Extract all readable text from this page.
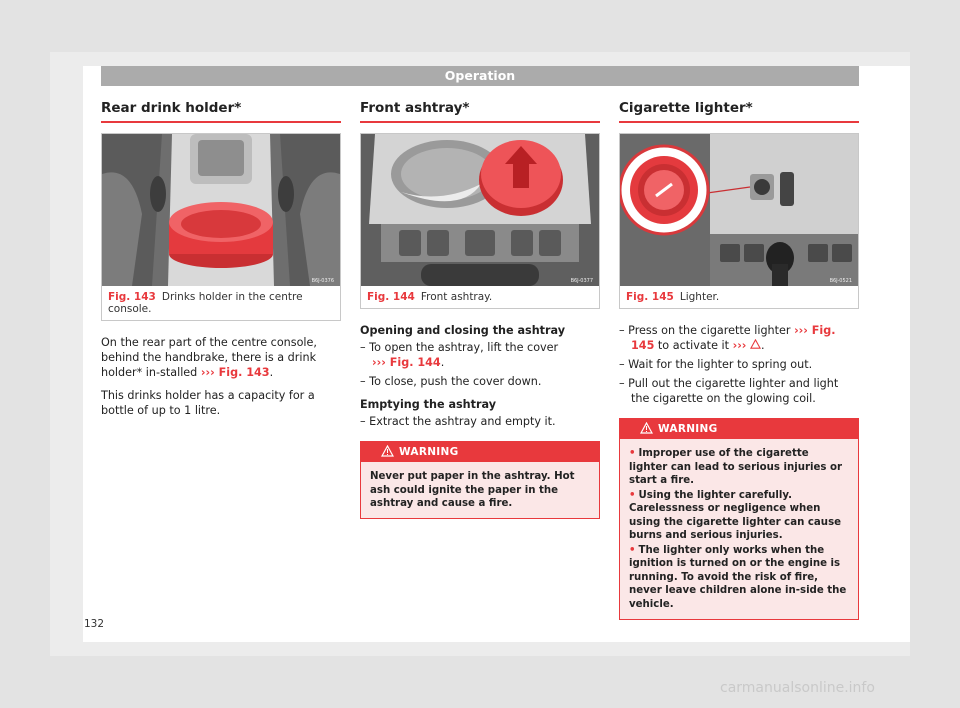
Operation
Rear drink holder*
B6J-0376
Fig. 143 Drinks holder in the centre console.

On the rear part of the centre console, behind the handbrake, there is a drink holder* in-stalled ››› Fig. 143.

This drinks holder has a capacity for a bottle of up to 1 litre.

Front ashtray*
B6J-0377
Fig. 144 Front ashtray.
Opening and closing the ashtray
– To open the ashtray, lift the cover
››› Fig. 144.
– To close, push the cover down.
Emptying the ashtray
– Extract the ashtray and empty it.
WARNING
Never put paper in the ashtray. Hot ash could ignite the paper in the ashtray and cause a fire.
Cigarette lighter*
B6J-0521
Fig. 145 Lighter.
– Press on the cigarette lighter ››› Fig. 145 to activate it ››› .
– Wait for the lighter to spring out.
– Pull out the cigarette lighter and light the cigarette on the glowing coil.
WARNING
• Improper use of the cigarette lighter can lead to serious injuries or start a fire.
• Using the lighter carefully. Carelessness or negligence when using the cigarette lighter can cause burns and serious injuries.
• The lighter only works when the ignition is turned on or the engine is running. To avoid the risk of fire, never leave children alone in-side the vehicle.
132
carmanualsonline.info
